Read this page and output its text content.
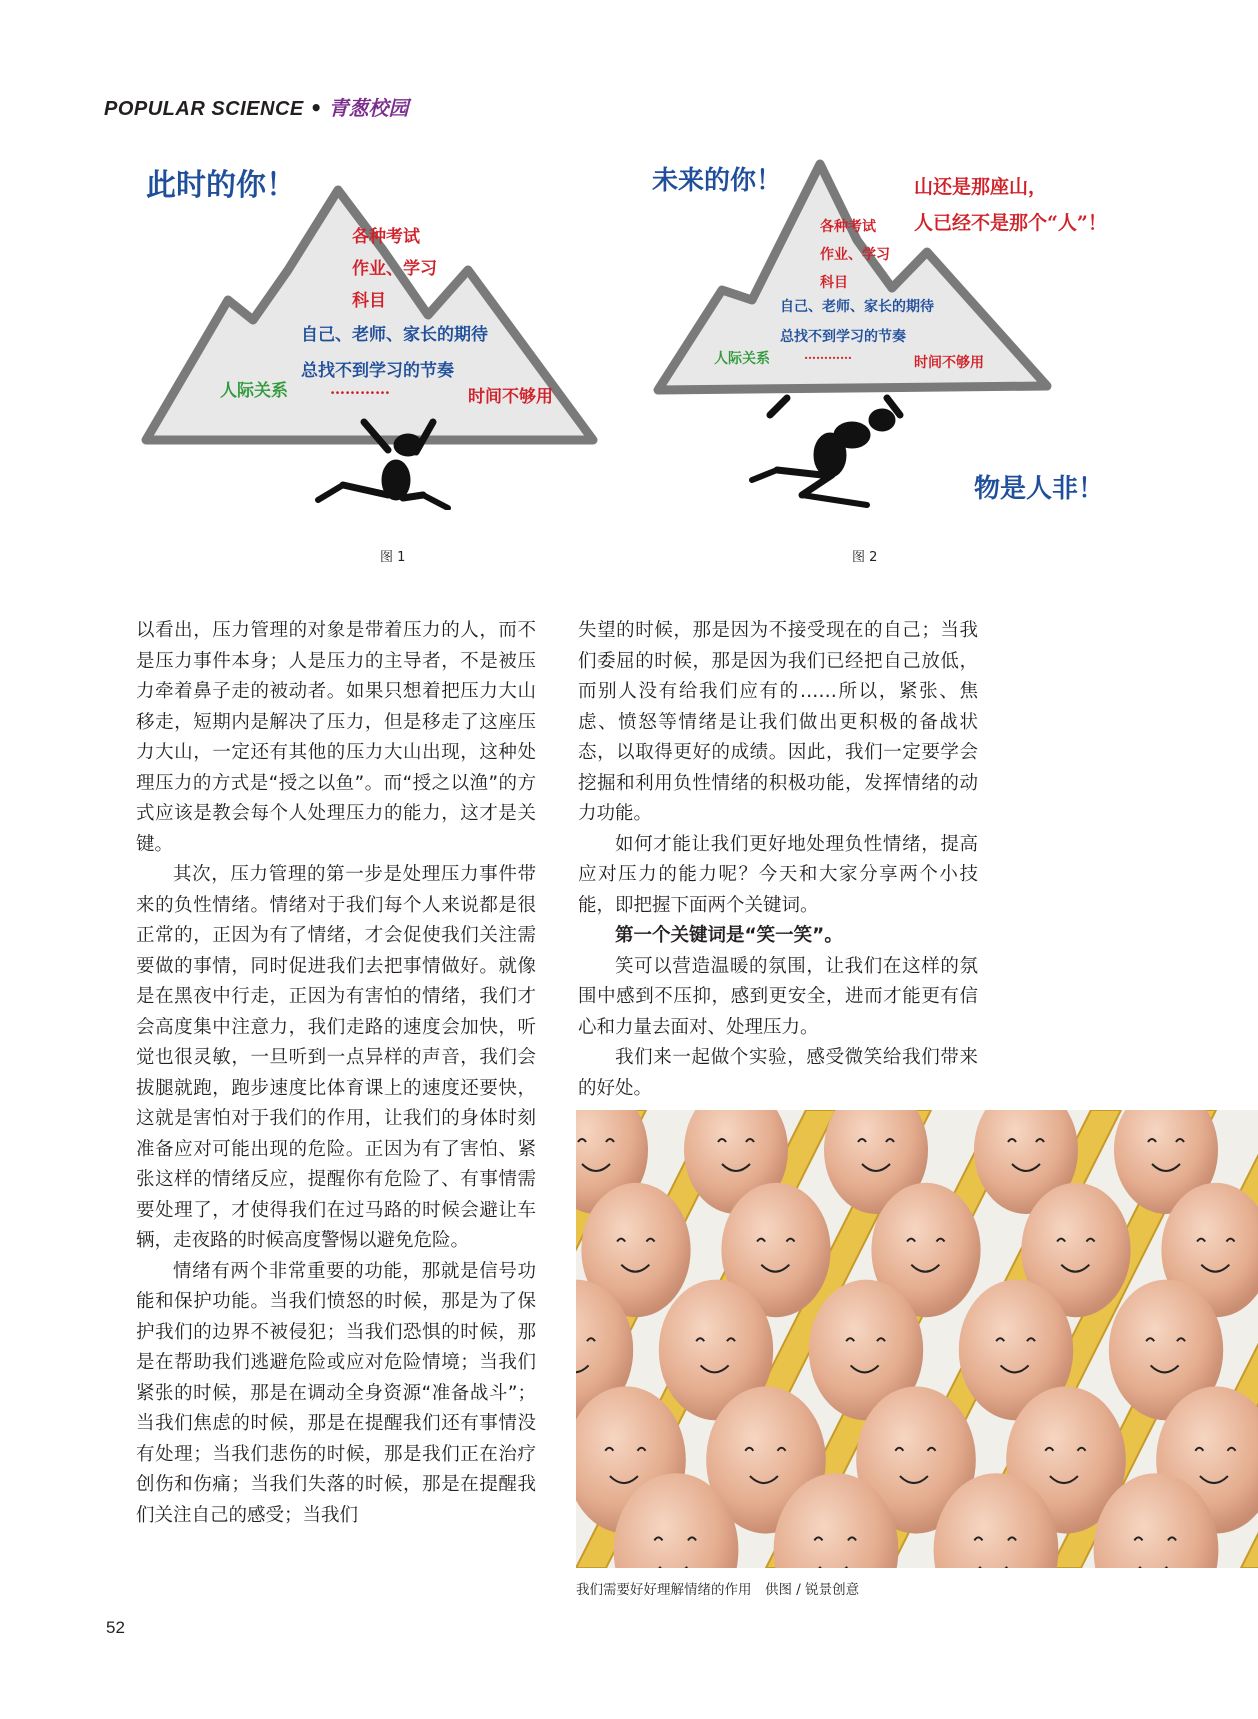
POPULAR SCIENCE • 青葱校园
此时的你！
各种考试
作业、学习
科目
自己、老师、家长的期待
总找不到学习的节奏
人际关系	…………	时间不够用
图 1
未来的你！	山还是那座山，
人已经不是那个“人”！
各种考试
作业、学习
科目
自己、老师、家长的期待
总找不到学习的节奏
人际关系	…………	时间不够用
物是人非！
图 2

以看出，压力管理的对象是带着压力的人，而不是压力事件本身；人是压力的主导者，不是被压力牵着鼻子走的被动者。如果只想着把压力大山移走，短期内是解决了压力，但是移走了这座压力大山，一定还有其他的压力大山出现，这种处理压力的方式是“授之以鱼”。而“授之以渔”的方式应该是教会每个人处理压力的能力，这才是关键。

其次，压力管理的第一步是处理压力事件带来的负性情绪。情绪对于我们每个人来说都是很正常的，正因为有了情绪，才会促使我们关注需要做的事情，同时促进我们去把事情做好。就像是在黑夜中行走，正因为有害怕的情绪，我们才会高度集中注意力，我们走路的速度会加快，听觉也很灵敏，一旦听到一点异样的声音，我们会拔腿就跑，跑步速度比体育课上的速度还要快，这就是害怕对于我们的作用，让我们的身体时刻准备应对可能出现的危险。正因为有了害怕、紧张这样的情绪反应，提醒你有危险了、有事情需要处理了，才使得我们在过马路的时候会避让车辆，走夜路的时候高度警惕以避免危险。

情绪有两个非常重要的功能，那就是信号功能和保护功能。当我们愤怒的时候，那是为了保护我们的边界不被侵犯；当我们恐惧的时候，那是在帮助我们逃避危险或应对危险情境；当我们紧张的时候，那是在调动全身资源“准备战斗”；当我们焦虑的时候，那是在提醒我们还有事情没有处理；当我们悲伤的时候，那是我们正在治疗创伤和伤痛；当我们失落的时候，那是在提醒我们关注自己的感受；当我们

失望的时候，那是因为不接受现在的自己；当我们委屈的时候，那是因为我们已经把自己放低，而别人没有给我们应有的……所以，紧张、焦虑、愤怒等情绪是让我们做出更积极的备战状态，以取得更好的成绩。因此，我们一定要学会挖掘和利用负性情绪的积极功能，发挥情绪的动力功能。

如何才能让我们更好地处理负性情绪，提高应对压力的能力呢？今天和大家分享两个小技能，即把握下面两个关键词。

第一个关键词是“笑一笑”。

笑可以营造温暖的氛围，让我们在这样的氛围中感到不压抑，感到更安全，进而才能更有信心和力量去面对、处理压力。

我们来一起做个实验，感受微笑给我们带来的好处。

我们需要好好理解情绪的作用　供图 / 锐景创意
52
